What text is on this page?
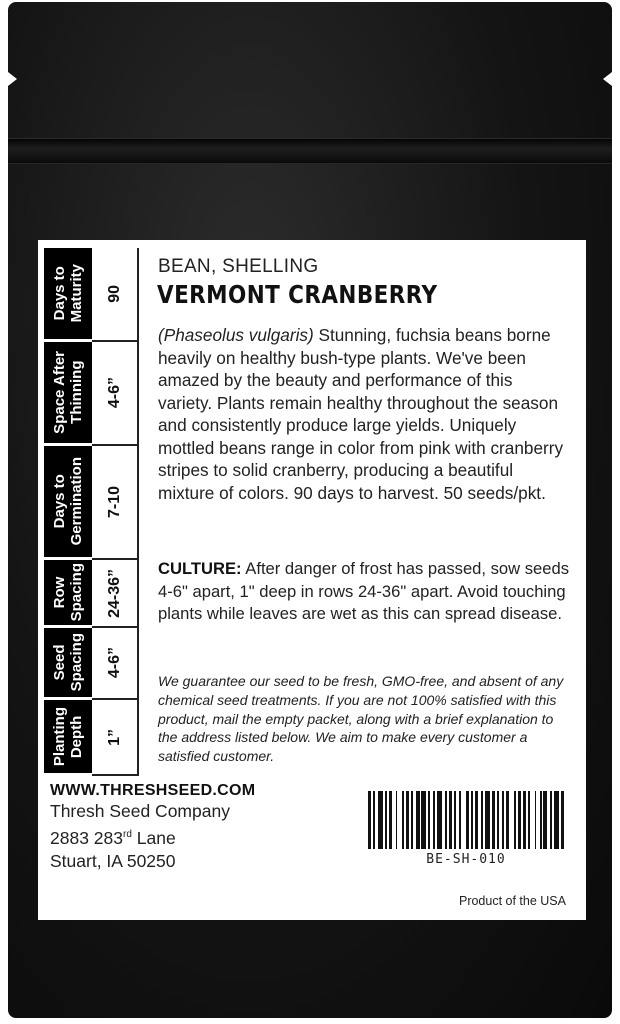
Days to
Maturity 90
Space After
Thinning 4-6”
Days to
Germination 7-10
Row
Spacing 24-36”
Seed
Spacing 4-6”
Planting
Depth 1”
BEAN, SHELLING
VERMONT CRANBERRY
(Phaseolus vulgaris) Stunning, fuchsia beans borne heavily on healthy bush-type plants. We've been amazed by the beauty and performance of this variety. Plants remain healthy throughout the season and consistently produce large yields. Uniquely mottled beans range in color from pink with cranberry stripes to solid cranberry, producing a beautiful mixture of colors. 90 days to harvest. 50 seeds/pkt.
CULTURE: After danger of frost has passed, sow seeds 4-6" apart, 1" deep in rows 24-36" apart. Avoid touching plants while leaves are wet as this can spread disease.
We guarantee our seed to be fresh, GMO-free, and absent of any chemical seed treatments. If you are not 100% satisfied with this product, mail the empty packet, along with a brief explanation to the address listed below. We aim to make every customer a satisfied customer.
WWW.THRESHSEED.COM
Thresh Seed Company
2883 283rd Lane
Stuart, IA 50250	BE-SH-010
Product of the USA
